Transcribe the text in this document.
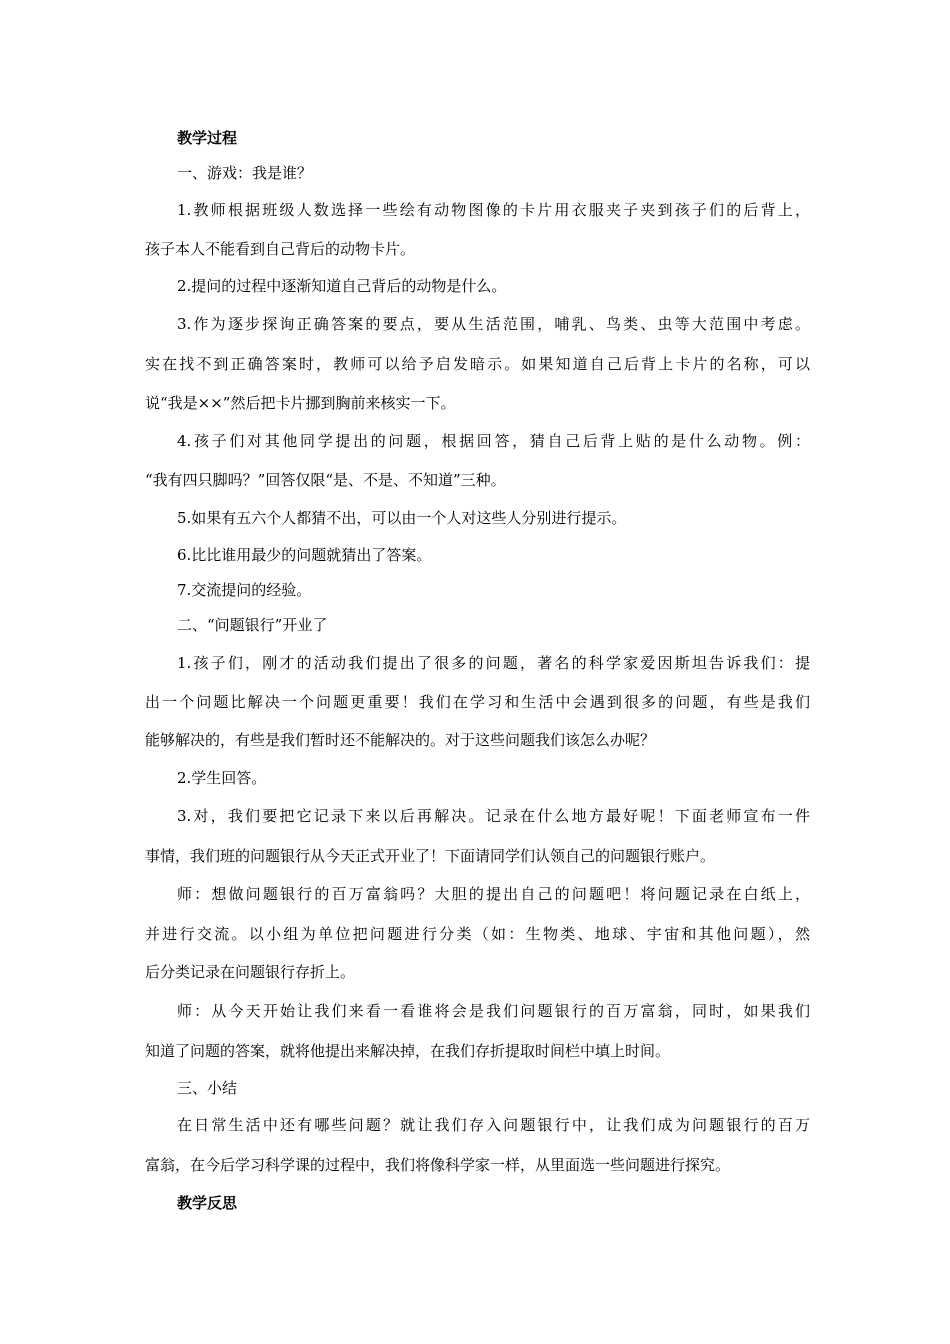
教学过程
一、游戏：我是谁？
1.教师根据班级人数选择一些绘有动物图像的卡片用衣服夹子夹到孩子们的后背上，
孩子本人不能看到自己背后的动物卡片。
2.提问的过程中逐渐知道自己背后的动物是什么。
3.作为逐步探询正确答案的要点，要从生活范围，哺乳、鸟类、虫等大范围中考虑。
实在找不到正确答案时，教师可以给予启发暗示。如果知道自己后背上卡片的名称，可以
说“我是××”然后把卡片挪到胸前来核实一下。
4.孩子们对其他同学提出的问题，根据回答，猜自己后背上贴的是什么动物。例：
“我有四只脚吗？”回答仅限“是、不是、不知道”三种。
5.如果有五六个人都猜不出，可以由一个人对这些人分别进行提示。
6.比比谁用最少的问题就猜出了答案。
7.交流提问的经验。
二、“问题银行”开业了
1.孩子们，刚才的活动我们提出了很多的问题，著名的科学家爱因斯坦告诉我们：提
出一个问题比解决一个问题更重要！我们在学习和生活中会遇到很多的问题，有些是我们
能够解决的，有些是我们暂时还不能解决的。对于这些问题我们该怎么办呢？
2.学生回答。
3.对，我们要把它记录下来以后再解决。记录在什么地方最好呢！下面老师宣布一件
事情，我们班的问题银行从今天正式开业了！下面请同学们认领自己的问题银行账户。
师：想做问题银行的百万富翁吗？大胆的提出自己的问题吧！将问题记录在白纸上，
并进行交流。以小组为单位把问题进行分类（如：生物类、地球、宇宙和其他问题），然
后分类记录在问题银行存折上。
师：从今天开始让我们来看一看谁将会是我们问题银行的百万富翁，同时，如果我们
知道了问题的答案，就将他提出来解决掉，在我们存折提取时间栏中填上时间。
三、小结
在日常生活中还有哪些问题？就让我们存入问题银行中，让我们成为问题银行的百万
富翁，在今后学习科学课的过程中，我们将像科学家一样，从里面选一些问题进行探究。
教学反思
